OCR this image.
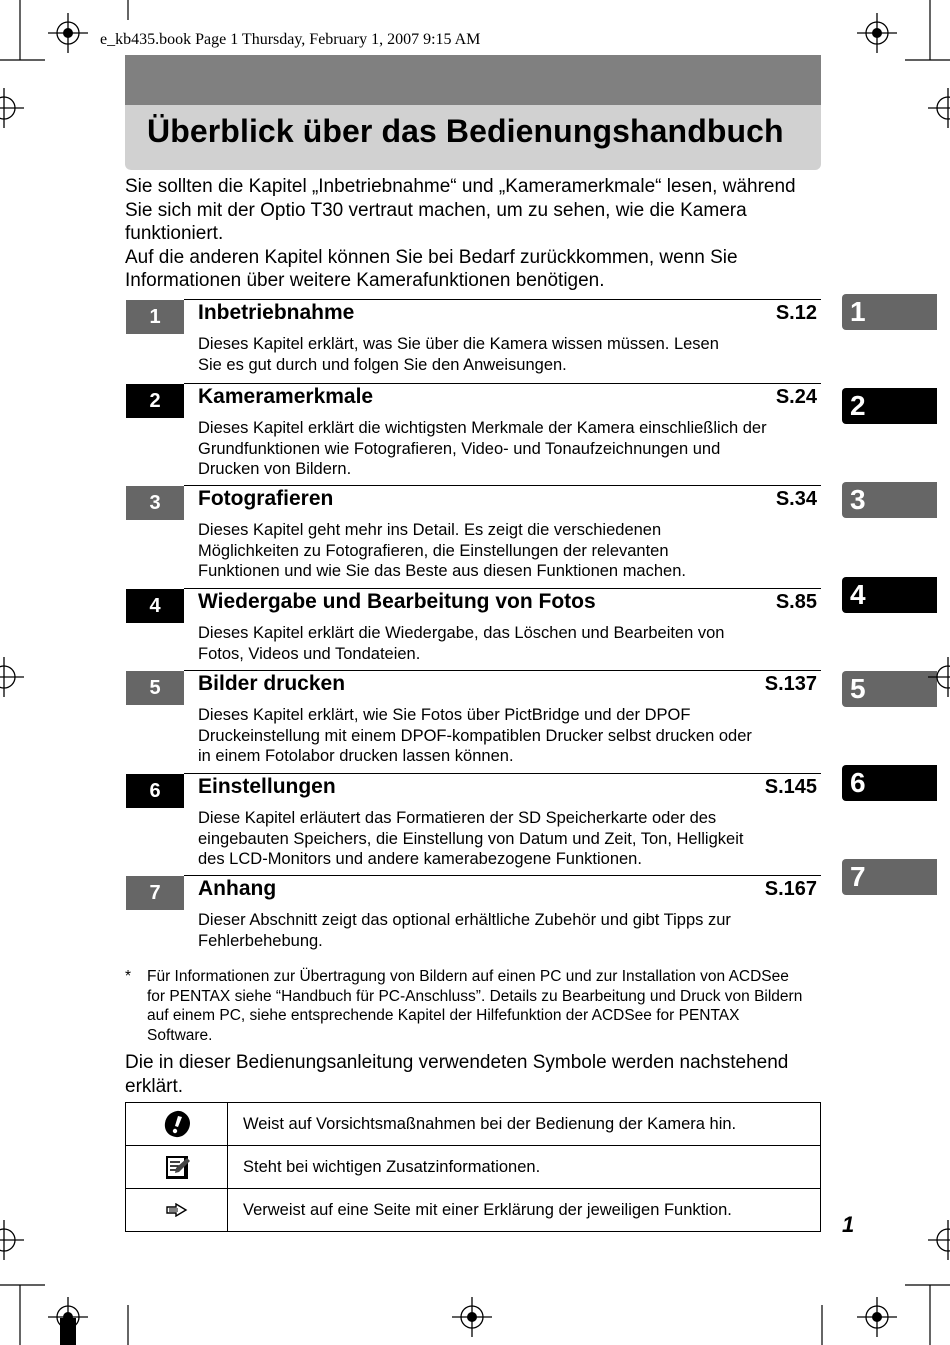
e_kb435.book Page 1 Thursday, February 1, 2007 9:15 AM
Überblick über das Bedienungshandbuch

Sie sollten die Kapitel „Inbetriebnahme“ und „Kameramerkmale“ lesen, während Sie sich mit der Optio T30 vertraut machen, um zu sehen, wie die Kamera funktioniert.

Auf die anderen Kapitel können Sie bei Bedarf zurückkommen, wenn Sie Informationen über weitere Kamerafunktionen benötigen.

1	Inbetriebnahme	S.12

Dieses Kapitel erklärt, was Sie über die Kamera wissen müssen. Lesen Sie es gut durch und folgen Sie den Anweisungen.

2	Kameramerkmale	S.24

Dieses Kapitel erklärt die wichtigsten Merkmale der Kamera einschließlich der Grundfunktionen wie Fotografieren, Video- und Tonaufzeichnungen und Drucken von Bildern.

3	Fotografieren	S.34

Dieses Kapitel geht mehr ins Detail. Es zeigt die verschiedenen Möglichkeiten zu Fotografieren, die Einstellungen der relevanten Funktionen und wie Sie das Beste aus diesen Funktionen machen.

4	Wiedergabe und Bearbeitung von Fotos	S.85

Dieses Kapitel erklärt die Wiedergabe, das Löschen und Bearbeiten von Fotos, Videos und Tondateien.

5	Bilder drucken	S.137

Dieses Kapitel erklärt, wie Sie Fotos über PictBridge und der DPOF Druckeinstellung mit einem DPOF-kompatiblen Drucker selbst drucken oder in einem Fotolabor drucken lassen können.

6	Einstellungen	S.145

Diese Kapitel erläutert das Formatieren der SD Speicherkarte oder des eingebauten Speichers, die Einstellung von Datum und Zeit, Ton, Helligkeit des LCD-Monitors und andere kamerabezogene Funktionen.

7	Anhang	S.167

Dieser Abschnitt zeigt das optional erhältliche Zubehör und gibt Tipps zur Fehlerbehebung.

1
2
3
4
5
6
7
* Für Informationen zur Übertragung von Bildern auf einen PC und zur Installation von ACDSee for PENTAX siehe “Handbuch für PC-Anschluss”. Details zu Bearbeitung und Druck von Bildern auf einem PC, siehe entsprechende Kapitel der Hilfefunktion der ACDSee for PENTAX Software.

Die in dieser Bedienungsanleitung verwendeten Symbole werden nachstehend erklärt.
	Weist auf Vorsichtsmaßnahmen bei der Bedienung der Kamera hin.
	Steht bei wichtigen Zusatzinformationen.
	Verweist auf eine Seite mit einer Erklärung der jeweiligen Funktion.
1
